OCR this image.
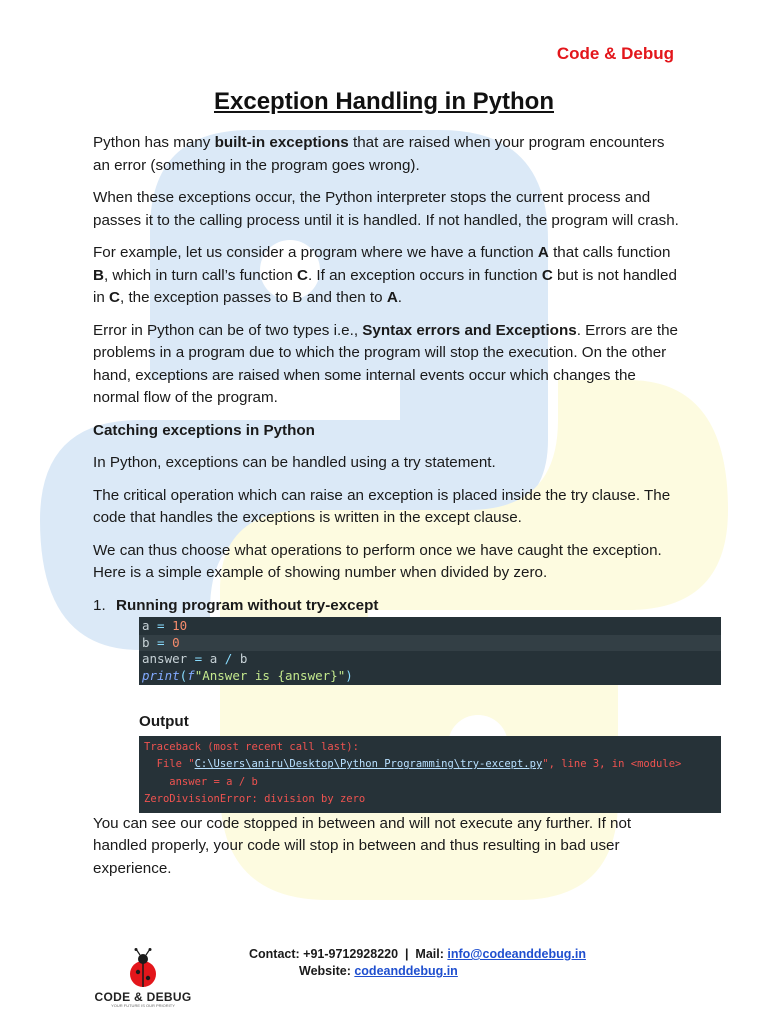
Code & Debug
Exception Handling in Python

Python has many built-in exceptions that are raised when your program encounters an error (something in the program goes wrong).

When these exceptions occur, the Python interpreter stops the current process and passes it to the calling process until it is handled. If not handled, the program will crash.

For example, let us consider a program where we have a function A that calls function B, which in turn call’s function C. If an exception occurs in function C but is not handled in C, the exception passes to B and then to A.

Error in Python can be of two types i.e., Syntax errors and Exceptions. Errors are the problems in a program due to which the program will stop the execution. On the other hand, exceptions are raised when some internal events occur which changes the normal flow of the program.

Catching exceptions in Python

In Python, exceptions can be handled using a try statement.

The critical operation which can raise an exception is placed inside the try clause. The code that handles the exceptions is written in the except clause.

We can thus choose what operations to perform once we have caught the exception. Here is a simple example of showing number when divided by zero.

1. Running program without try-except

a = 10
b = 0
answer = a / b
print(f"Answer is {answer}")
Output
Traceback (most recent call last):
File "C:\Users\aniru\Desktop\Python Programming\try-except.py", line 3, in <module>
answer = a / b
ZeroDivisionError: division by zero

You can see our code stopped in between and will not execute any further. If not handled properly, your code will stop in between and thus resulting in bad user experience.

CODE & DEBUG
YOUR FUTURE IS OUR PRIORITY
Contact: +91-9712928220  |  Mail: info@codeanddebug.in
Website: codeanddebug.in
